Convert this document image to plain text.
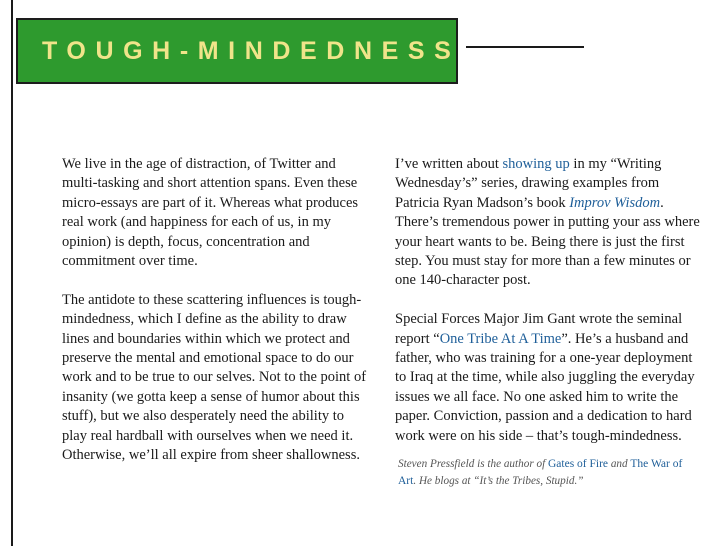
TOUGH-MINDEDNESS

We live in the age of distraction, of Twitter and multi-tasking and short attention spans. Even these micro-essays are part of it. Whereas what produces real work (and happiness for each of us, in my opinion) is depth, focus, concentration and commitment over time.

The antidote to these scattering influences is tough-mindedness, which I define as the ability to draw lines and boundaries within which we protect and preserve the mental and emotional space to do our work and to be true to our selves. Not to the point of insanity (we gotta keep a sense of humor about this stuff), but we also desperately need the ability to play real hardball with ourselves when we need it. Otherwise, we’ll all expire from sheer shallowness.

I’ve written about showing up in my “Writing Wednesday’s” series, drawing examples from Patricia Ryan Madson’s book Improv Wisdom. There’s tremendous power in putting your ass where your heart wants to be. Being there is just the first step. You must stay for more than a few minutes or one 140-character post.

Special Forces Major Jim Gant wrote the seminal report “One Tribe At A Time”. He’s a husband and father, who was training for a one-year deployment to Iraq at the time, while also juggling the everyday issues we all face. No one asked him to write the paper. Conviction, passion and a dedication to hard work were on his side – that’s tough-mindedness.

Steven Pressfield is the author of Gates of Fire and The War of Art. He blogs at “It’s the Tribes, Stupid.”
